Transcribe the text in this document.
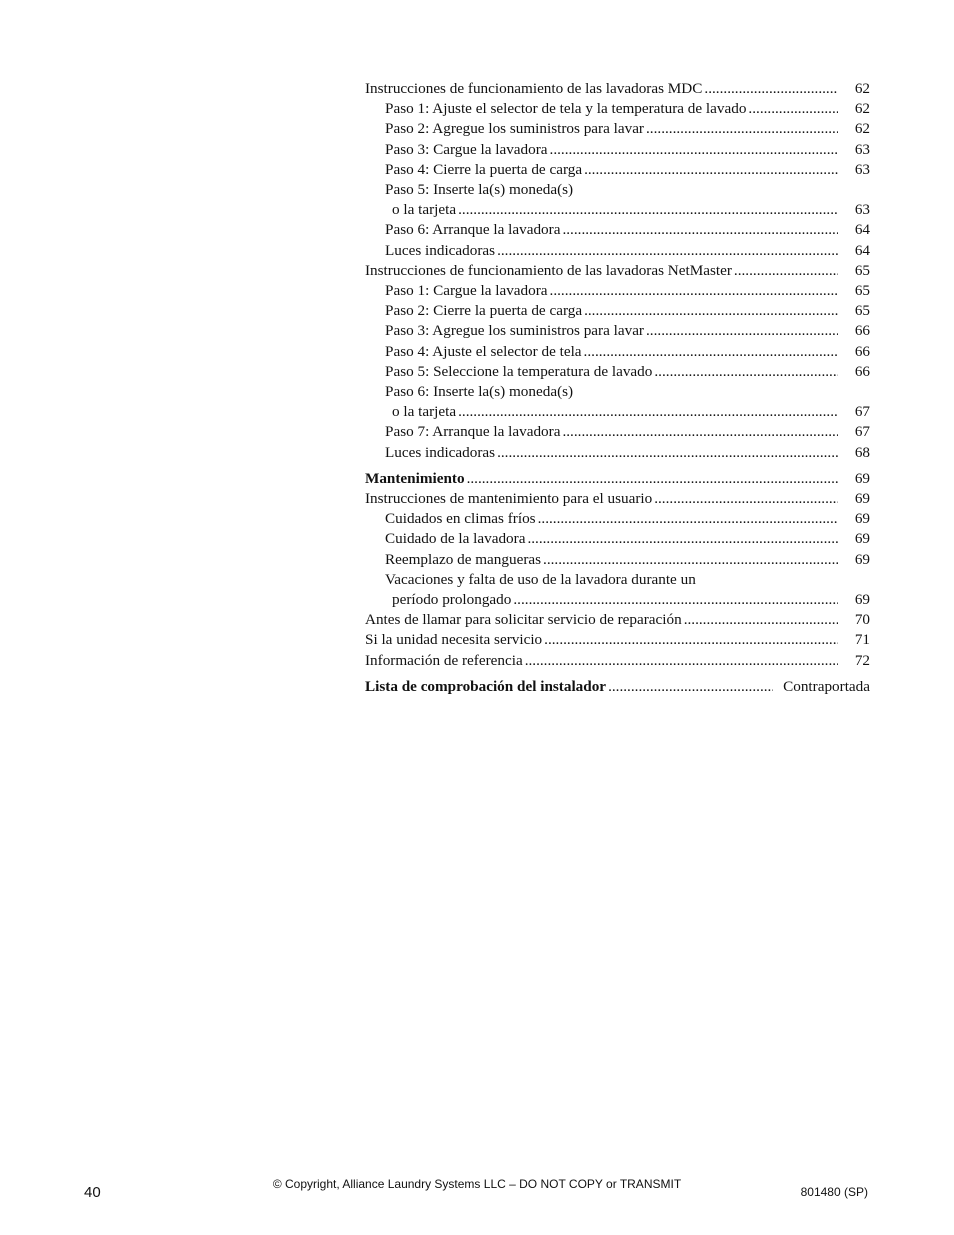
Instrucciones de funcionamiento de las lavadoras MDC .....	62
Paso 1: Ajuste el selector de tela y la temperatura de lavado .....	62
Paso 2: Agregue los suministros para lavar .....	62
Paso 3: Cargue la lavadora .....	63
Paso 4: Cierre la puerta de carga .....	63
Paso 5: Inserte la(s) moneda(s)
o la tarjeta .....	63
Paso 6: Arranque la lavadora .....	64
Luces indicadoras .....	64
Instrucciones de funcionamiento de las lavadoras NetMaster .....	65
Paso 1: Cargue la lavadora .....	65
Paso 2: Cierre la puerta de carga .....	65
Paso 3: Agregue los suministros para lavar .....	66
Paso 4: Ajuste el selector de tela .....	66
Paso 5: Seleccione la temperatura de lavado .....	66
Paso 6: Inserte la(s) moneda(s)
o la tarjeta .....	67
Paso 7: Arranque la lavadora .....	67
Luces indicadoras .....	68
Mantenimiento .....	69
Instrucciones de mantenimiento para el usuario .....	69
Cuidados en climas fríos .....	69
Cuidado de la lavadora .....	69
Reemplazo de mangueras .....	69
Vacaciones y falta de uso de la lavadora durante un
período prolongado .....	69
Antes de llamar para solicitar servicio de reparación .....	70
Si la unidad necesita servicio .....	71
Información de referencia .....	72
Lista de comprobación del instalador .....	Contraportada
40	© Copyright, Alliance Laundry Systems LLC – DO NOT COPY or TRANSMIT
801480 (SP)
